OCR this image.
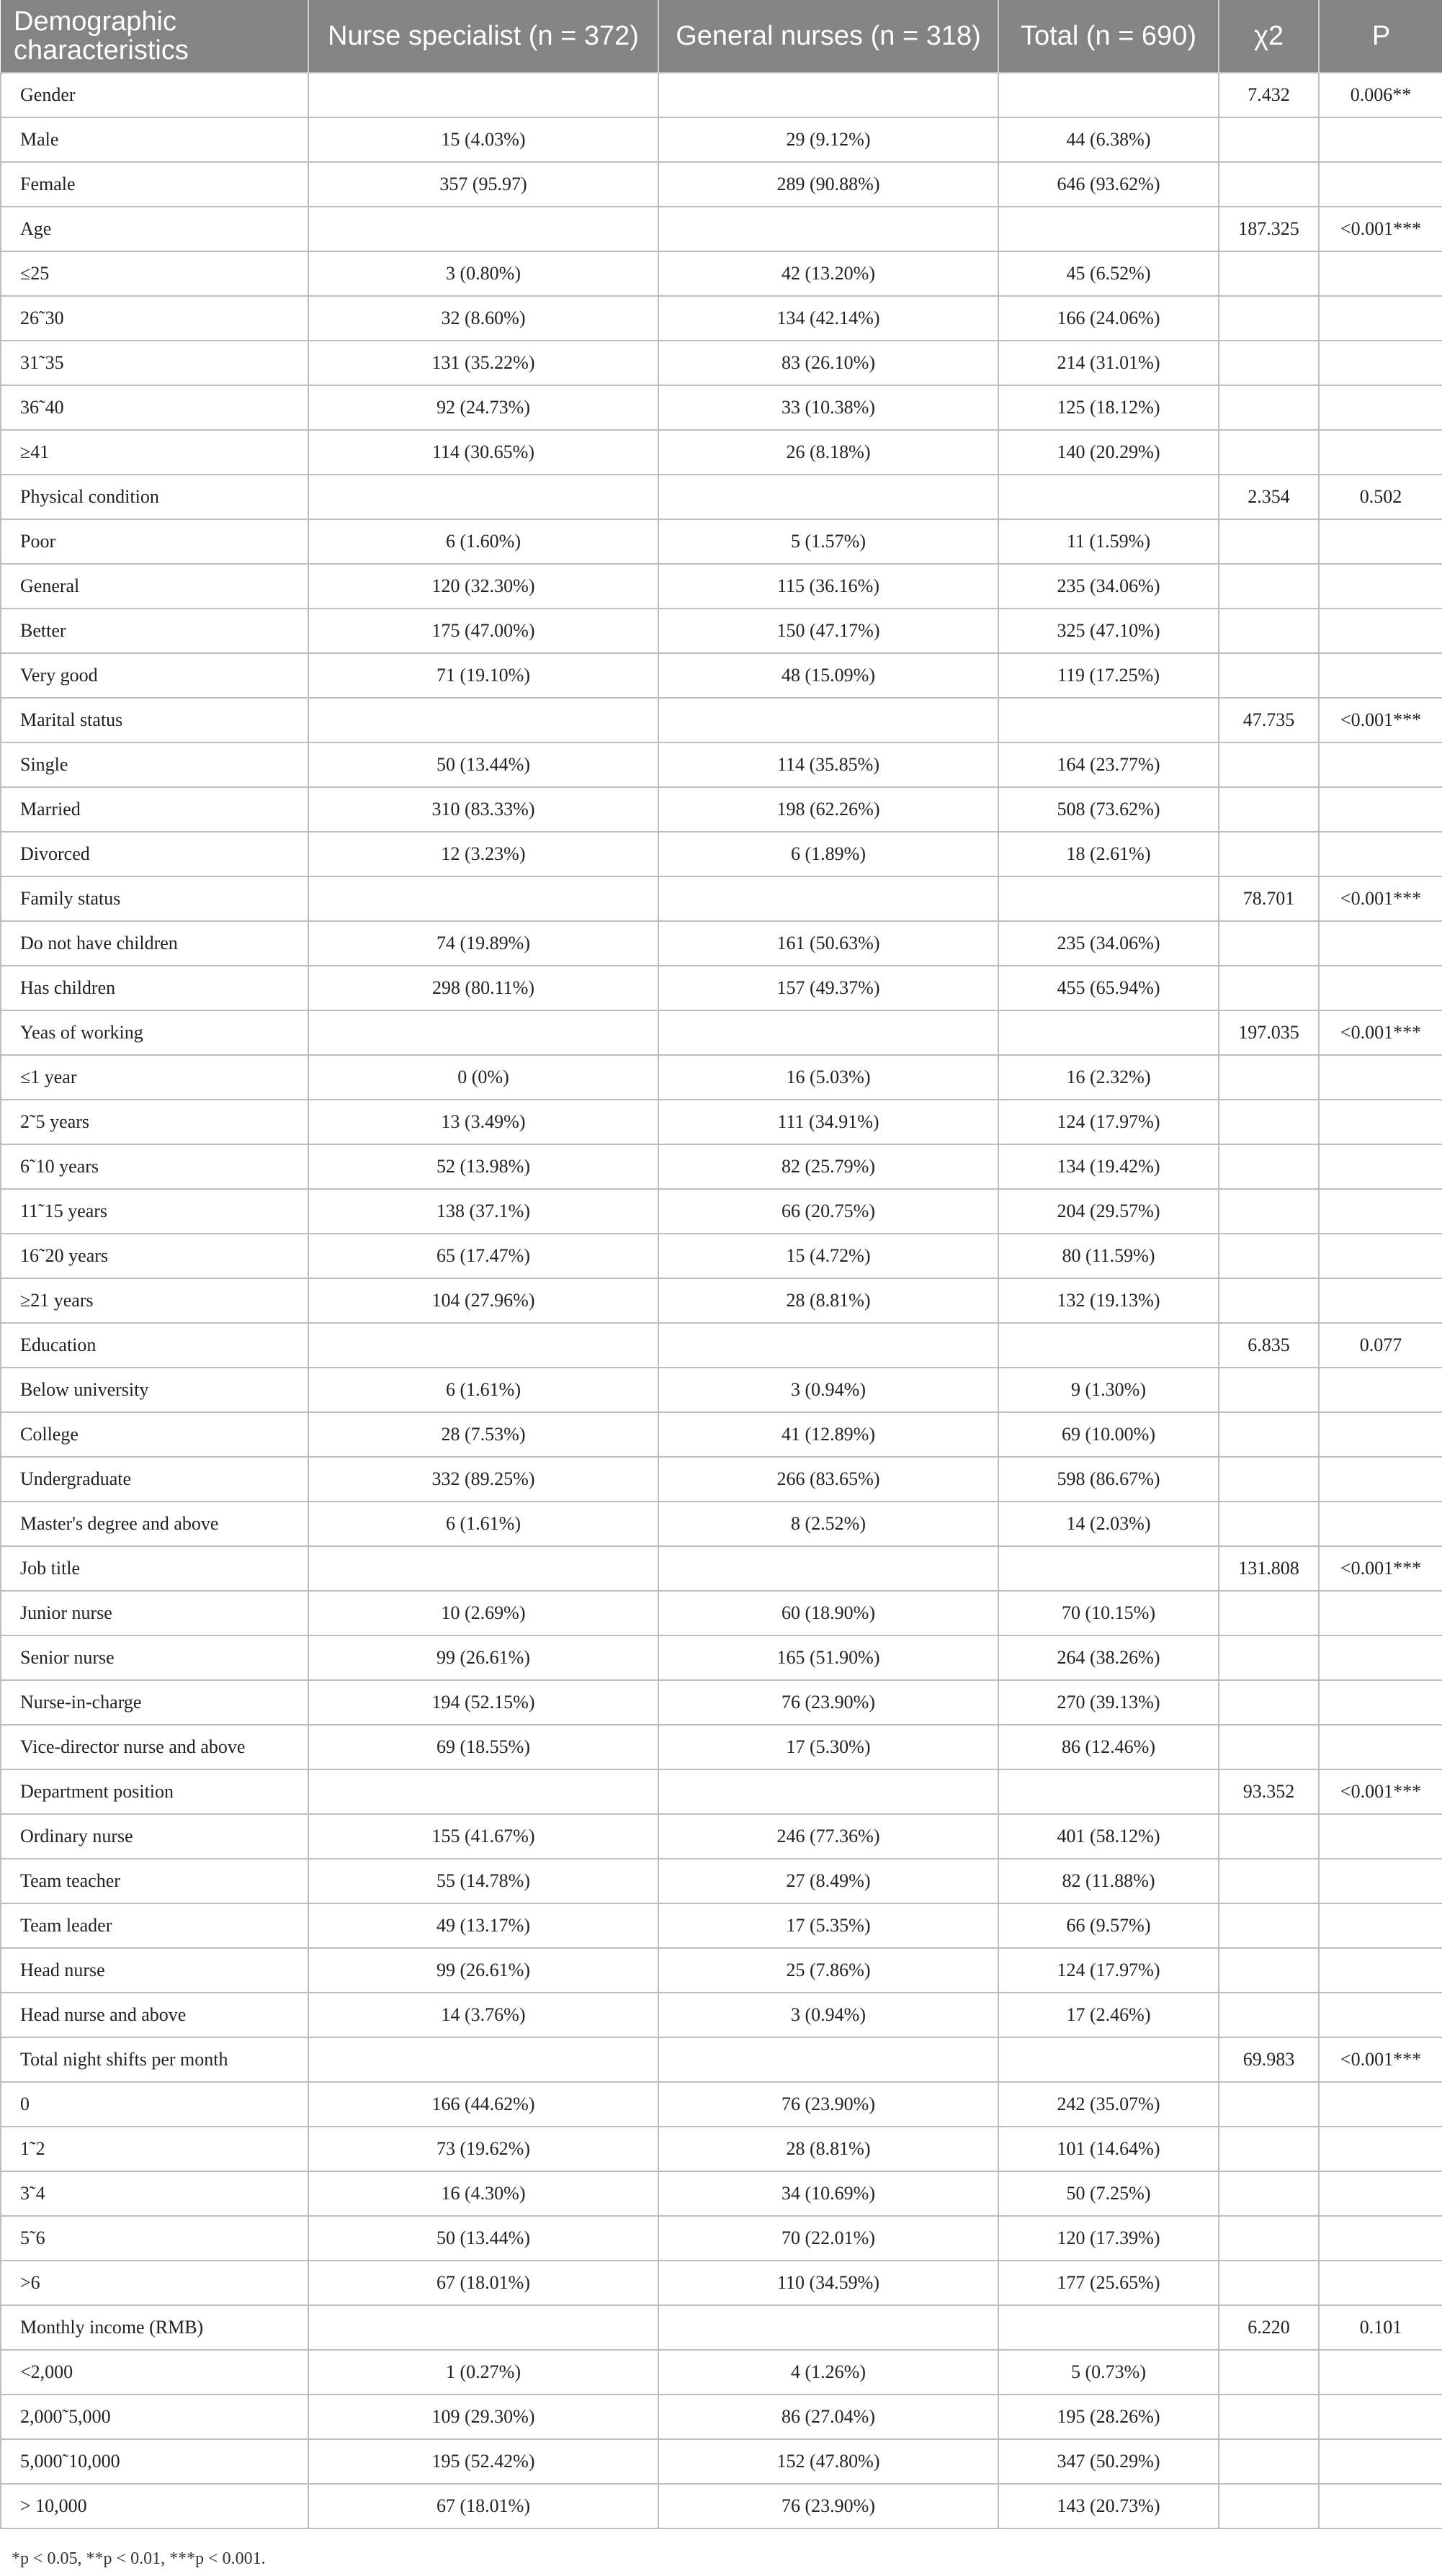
Demographic characteristics	Nurse specialist (n = 372)	General nurses (n = 318)	Total (n = 690)	χ2	P
Gender				7.432	0.006**
Male	15 (4.03%)	29 (9.12%)	44 (6.38%)		
Female	357 (95.97)	289 (90.88%)	646 (93.62%)		
Age				187.325	<0.001***
≤25	3 (0.80%)	42 (13.20%)	45 (6.52%)		
26˜30	32 (8.60%)	134 (42.14%)	166 (24.06%)		
31˜35	131 (35.22%)	83 (26.10%)	214 (31.01%)		
36˜40	92 (24.73%)	33 (10.38%)	125 (18.12%)		
≥41	114 (30.65%)	26 (8.18%)	140 (20.29%)		
Physical condition				2.354	0.502
Poor	6 (1.60%)	5 (1.57%)	11 (1.59%)		
General	120 (32.30%)	115 (36.16%)	235 (34.06%)		
Better	175 (47.00%)	150 (47.17%)	325 (47.10%)		
Very good	71 (19.10%)	48 (15.09%)	119 (17.25%)		
Marital status				47.735	<0.001***
Single	50 (13.44%)	114 (35.85%)	164 (23.77%)		
Married	310 (83.33%)	198 (62.26%)	508 (73.62%)		
Divorced	12 (3.23%)	6 (1.89%)	18 (2.61%)		
Family status				78.701	<0.001***
Do not have children	74 (19.89%)	161 (50.63%)	235 (34.06%)		
Has children	298 (80.11%)	157 (49.37%)	455 (65.94%)		
Yeas of working				197.035	<0.001***
≤1 year	0 (0%)	16 (5.03%)	16 (2.32%)		
2˜5 years	13 (3.49%)	111 (34.91%)	124 (17.97%)		
6˜10 years	52 (13.98%)	82 (25.79%)	134 (19.42%)		
11˜15 years	138 (37.1%)	66 (20.75%)	204 (29.57%)		
16˜20 years	65 (17.47%)	15 (4.72%)	80 (11.59%)		
≥21 years	104 (27.96%)	28 (8.81%)	132 (19.13%)		
Education				6.835	0.077
Below university	6 (1.61%)	3 (0.94%)	9 (1.30%)		
College	28 (7.53%)	41 (12.89%)	69 (10.00%)		
Undergraduate	332 (89.25%)	266 (83.65%)	598 (86.67%)		
Master's degree and above	6 (1.61%)	8 (2.52%)	14 (2.03%)		
Job title				131.808	<0.001***
Junior nurse	10 (2.69%)	60 (18.90%)	70 (10.15%)		
Senior nurse	99 (26.61%)	165 (51.90%)	264 (38.26%)		
Nurse-in-charge	194 (52.15%)	76 (23.90%)	270 (39.13%)		
Vice-director nurse and above	69 (18.55%)	17 (5.30%)	86 (12.46%)		
Department position				93.352	<0.001***
Ordinary nurse	155 (41.67%)	246 (77.36%)	401 (58.12%)		
Team teacher	55 (14.78%)	27 (8.49%)	82 (11.88%)		
Team leader	49 (13.17%)	17 (5.35%)	66 (9.57%)		
Head nurse	99 (26.61%)	25 (7.86%)	124 (17.97%)		
Head nurse and above	14 (3.76%)	3 (0.94%)	17 (2.46%)		
Total night shifts per month				69.983	<0.001***
0	166 (44.62%)	76 (23.90%)	242 (35.07%)		
1˜2	73 (19.62%)	28 (8.81%)	101 (14.64%)		
3˜4	16 (4.30%)	34 (10.69%)	50 (7.25%)		
5˜6	50 (13.44%)	70 (22.01%)	120 (17.39%)		
>6	67 (18.01%)	110 (34.59%)	177 (25.65%)		
Monthly income (RMB)				6.220	0.101
<2,000	1 (0.27%)	4 (1.26%)	5 (0.73%)		
2,000˜5,000	109 (29.30%)	86 (27.04%)	195 (28.26%)		
5,000˜10,000	195 (52.42%)	152 (47.80%)	347 (50.29%)		
> 10,000	67 (18.01%)	76 (23.90%)	143 (20.73%)		
*p < 0.05, **p < 0.01, ***p < 0.001.
